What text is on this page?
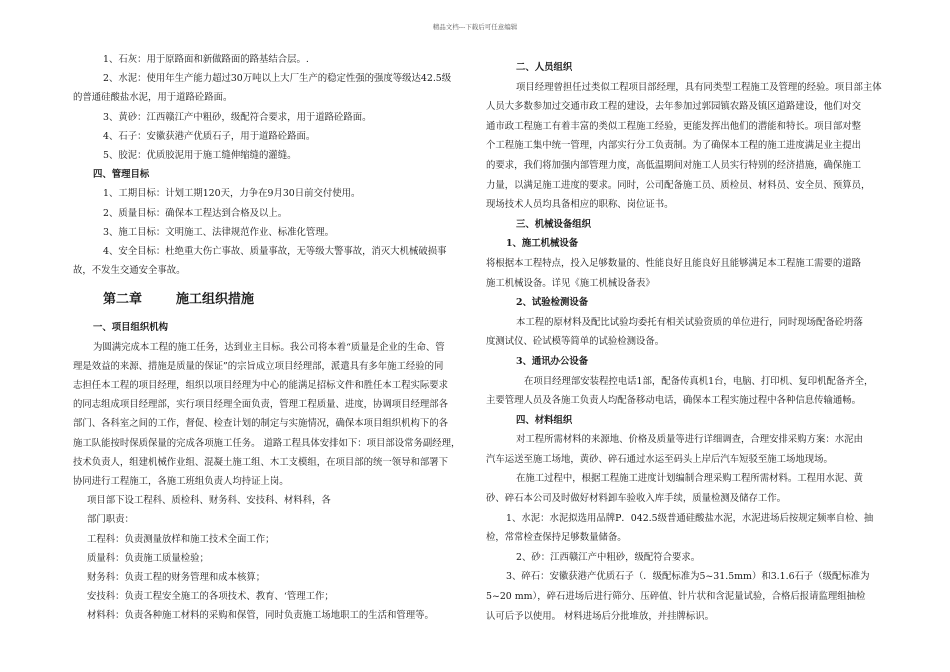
精品文档---下载后可任意编辑

1、石灰：用于原路面和新做路面的路基结合层。.

2、水泥：使用年生产能力超过30万吨以上大厂生产的稳定性强的强度等级达42.5级

的普通硅酸盐水泥，用于道路砼路面。

3、黄砂：江西赣江产中粗砂，级配符合要求，用于道路砼路面。

4、石子：安徽获港产优质石子，用于道路砼路面。

5、胶泥：优质胶泥用于施工缝伸缩缝的灌缝。

四、管理目标

1、工期目标：计划工期120天，力争在9月30日前交付使用。

2、质量目标：确保本工程达到合格及以上。

3、施工目标：文明施工、法律规范作业、标准化管理。

4、安全目标：杜绝重大伤亡事故、质量事故，无等级大警事故，消灭大机械破损事

故，不发生交通安全事故。

第二章	施工组织措施

一、项目组织机构

为圆满完成本工程的施工任务，达到业主目标。我公司将本着“质量是企业的生命、管

理是效益的来源、措施是质量的保证”的宗旨成立项目经理部，派遣具有多年施工经验的同

志担任本工程的项目经理，组织以项目经理为中心的能满足招标文件和胜任本工程实际要求

的同志组成项目经理部，实行项目经理全面负责，管理工程质量、进度，协调项目经理部各

部门、各科室之间的工作，督促、检查计划的制定与实施情况，确保本项目组织机构下的各

施工队能按时保质保量的完成各项施工任务。 道路工程具体安排如下：项目部设常务副经理，

技术负责人，组建机械作业组、混凝土施工组、木工支模组，在项目部的统一领导和部署下

协同进行工程施工，各施工班组负责人均持证上岗。

项目部下设工程科、质检科、财务科、安技科、材料科，各

部门职责：

工程科：负责测量放样和施工技术全面工作；

质量科：负责施工质量检验；

财务科：负责工程的财务管理和成本核算；

安技科：负责工程安全施工的各项技术、教育、‘管理工作；

材料科：负责各种施工材料的采购和保管，同时负责施工场地职工的生活和管理等。

二、人员组织

项目经理曾担任过类似工程项目部经理，具有同类型工程施工及管理的经验。项目部主体

人员大多数参加过交通市政工程的建设，去年参加过郭园镇农路及镇区道路建设，他们对交

通市政工程施工有着丰富的类似工程施工经验，更能发挥出他们的潜能和特长。项目部对整

个工程施工集中统一管理，内部实行分工负责制。为了确保本工程的施工进度满足业主提出

的要求，我们将加强内部管理力度，高低温期间对施工人员实行特别的经济措施，确保施工

力量，以满足施工进度的要求。同时，公司配备施工员、质检员、材料员、安全员、预算员，

现场技术人员均具备相应的职称、岗位证书。

三、机械设备组织

1、施工机械设备

将根据本工程特点，投入足够数量的、性能良好且能良好且能够满足本工程施工需要的道路

施工机械设备。详见《施工机械设备表》

2、试验检测设备

本工程的原材料及配比试验均委托有相关试验资质的单位进行，同时现场配备砼坍落

度测试仪、砼试模等简单的试验检测设备。

3、通讯办公设备

在项目经理部安装程控电话1部，配备传真机1台，电脑、打印机、复印机配备齐全，

主要管理人员及各施工负责人均配备移动电话，确保本工程实施过程中各种信息传输通畅。

四、材料组织

对工程所需材料的来源地、价格及质量等进行详细调查，合理安排采购方案：水泥由

汽车运送至施工场地，黄砂、碎石通过水运至码头上岸后汽车短驳至施工场地现场。

在施工过程中，根据工程施工进度计划编制合理采购工程所需材料。工程用水泥、黄

砂、碎石本公司及时做好材料卸车验收入库手续，质量检测及储存工作。

1、水泥：水泥拟选用品牌P．042.5级普通硅酸盐水泥，水泥进场后按规定频率自检、抽

检，常常检查保持足够数量储备。

2、砂：江西赣江产中粗砂，级配符合要求。

3、碎石：安徽获港产优质石子（．级配标准为5~31.5mm）和3.1.6石子（级配标准为

5~20 mm），碎石进场后进行筛分、压碎值、针片状和含泥量试验，合格后报请监理组抽检

认可后予以使用。 材料进场后分批堆放，并挂牌标识。
